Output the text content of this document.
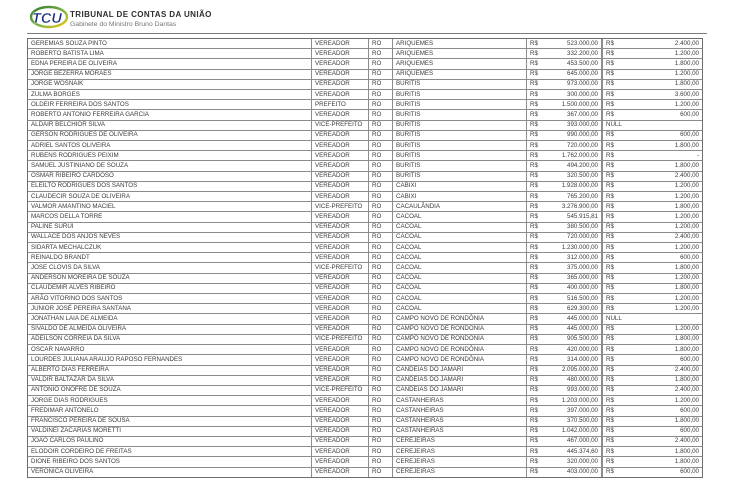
TCU TRIBUNAL DE CONTAS DA UNIÃO
Gabinete do Ministro Bruno Dantas
GEREMIAS SOUZA PINTO	VEREADOR	RO	ARIQUEMES	R$	523.000,00 R$	2.400,00
ROBERTO BATISTA LIMA	VEREADOR	RO	ARIQUEMES	R$	332.200,00 R$	1.200,00
EDNA PEREIRA DE OLIVEIRA	VEREADOR	RO	ARIQUEMES	R$	453.500,00 R$	1.800,00
JORGE BEZERRA MORAES	VEREADOR	RO	ARIQUEMES	R$	645.000,00 R$	1.200,00
JORGE WOSNAIK	VEREADOR	RO	BURITIS	R$	973.000,00 R$	1.800,00
ZULMA BORGES	VEREADOR	RO	BURITIS	R$	300.000,00 R$	3.600,00
OLDEIR FERREIRA DOS SANTOS	PREFEITO	RO	BURITIS	R$	1.500.000,00 R$	1.200,00
ROBERTO ANTONIO FERREIRA GARCIA	VEREADOR	RO	BURITIS	R$	367.000,00 R$	600,00
ALDAIR BELCHIOR SILVA	VICE-PREFEITO	RO	BURITIS	R$	393.000,00 NULL
GERSON RODRIGUES DE OLIVEIRA	VEREADOR	RO	BURITIS	R$	990.000,00 R$	600,00
ADRIEL SANTOS OLIVEIRA	VEREADOR	RO	BURITIS	R$	720.000,00 R$	1.800,00
RUBENS RODRIGUES PEIXIM	VEREADOR	RO	BURITIS	R$	1.762.000,00 R$	-
SAMUEL JUSTINIANO DE SOUZA	VEREADOR	RO	BURITIS	R$	494.200,00 R$	1.800,00
OSMAR RIBEIRO CARDOSO	VEREADOR	RO	BURITIS	R$	320.500,00 R$	2.400,00
ELEILTO RODRIGUES DOS SANTOS	VEREADOR	RO	CABIXI	R$	1.928.000,00 R$	1.200,00
CLAUDECIR SOUZA DE OLIVEIRA	VEREADOR	RO	CABIXI	R$	765.200,00 R$	1.200,00
VALMOR AMANTINO MACIEL	VICE-PREFEITO	RO	CACAULÂNDIA	R$	3.276.900,00 R$	1.800,00
MARCOS DELLA TORRE	VEREADOR	RO	CACOAL	R$	545.915,81 R$	1.200,00
PALINE SURUI	VEREADOR	RO	CACOAL	R$	380.500,00 R$	1.200,00
WALLACE DOS ANJOS NEVES	VEREADOR	RO	CACOAL	R$	720.000,00 R$	2.400,00
SIDARTA MECHALCZUK	VEREADOR	RO	CACOAL	R$	1.230.000,00 R$	1.200,00
REINALDO BRANDT	VEREADOR	RO	CACOAL	R$	312.000,00 R$	600,00
JOSE CLOVIS DA SILVA	VICE-PREFEITO	RO	CACOAL	R$	375.000,00 R$	1.800,00
ANDERSON MOREIRA DE SOUZA	VEREADOR	RO	CACOAL	R$	365.000,00 R$	1.200,00
CLAUDEMIR ALVES RIBEIRO	VEREADOR	RO	CACOAL	R$	400.000,00 R$	1.800,00
ARÃO VITORINO DOS SANTOS	VEREADOR	RO	CACOAL	R$	516.500,00 R$	1.200,00
JUNIOR JOSÉ PEREIRA SANTANA	VEREADOR	RO	CACOAL	R$	629.300,00 R$	1.200,00
JONATHAN LAIA DE ALMEIDA	VEREADOR	RO	CAMPO NOVO DE RONDÔNIA	R$	445.000,00 NULL
SIVALDO DE ALMEIDA OLIVEIRA	VEREADOR	RO	CAMPO NOVO DE RONDÔNIA	R$	445.000,00 R$	1.200,00
ADEILSON CORREIA DA SILVA	VICE-PREFEITO	RO	CAMPO NOVO DE RONDÔNIA	R$	905.500,00 R$	1.800,00
OSCAR NAVARRO	VEREADOR	RO	CAMPO NOVO DE RONDÔNIA	R$	420.000,00 R$	1.800,00
LOURDES JULIANA ARAUJO RAPOSO FERNANDES	VEREADOR	RO	CAMPO NOVO DE RONDÔNIA	R$	314.000,00 R$	600,00
ALBERTO DIAS FERREIRA	VEREADOR	RO	CANDEIAS DO JAMARI	R$	2.095.000,00 R$	2.400,00
VALDIR BALTAZAR DA SILVA	VEREADOR	RO	CANDEIAS DO JAMARI	R$	480.000,00 R$	1.800,00
ANTONIO ONOFRE DE SOUZA	VICE-PREFEITO	RO	CANDEIAS DO JAMARI	R$	993.000,00 R$	2.400,00
JORGE DIAS RODRIGUES	VEREADOR	RO	CASTANHEIRAS	R$	1.203.000,00 R$	1.200,00
FREDIMAR ANTONELO	VEREADOR	RO	CASTANHEIRAS	R$	397.000,00 R$	600,00
FRANCISCO PEREIRA DE SOUSA	VEREADOR	RO	CASTANHEIRAS	R$	370.500,00 R$	1.800,00
VALDINEI ZACARIAS MORETTI	VEREADOR	RO	CASTANHEIRAS	R$	1.042.000,00 R$	600,00
JOÃO CARLOS PAULINO	VEREADOR	RO	CEREJEIRAS	R$	467.000,00 R$	2.400,00
ELODOIR CORDEIRO DE FREITAS	VEREADOR	RO	CEREJEIRAS	R$	445.374,60 R$	1.800,00
DIONE RIBEIRO DOS SANTOS	VEREADOR	RO	CEREJEIRAS	R$	320.000,00 R$	1.800,00
VERONICA OLIVEIRA	VEREADOR	RO	CEREJEIRAS	R$	403.000,00 R$	600,00
